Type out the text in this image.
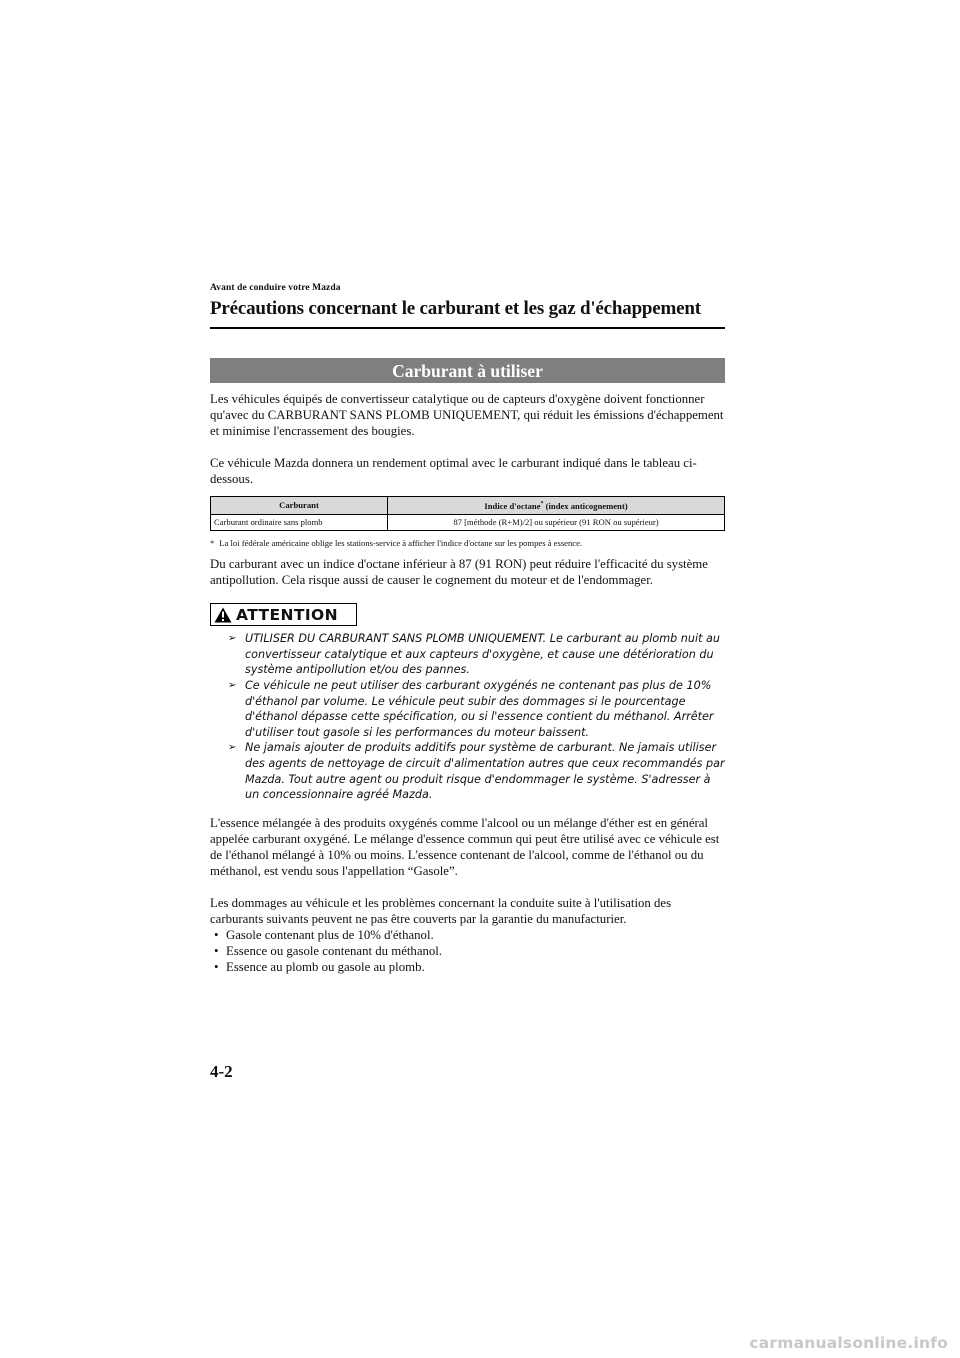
Avant de conduire votre Mazda
Précautions concernant le carburant et les gaz d'échappement
Carburant à utiliser

Les véhicules équipés de convertisseur catalytique ou de capteurs d'oxygène doivent fonctionner qu'avec du CARBURANT SANS PLOMB UNIQUEMENT, qui réduit les émissions d'échappement et minimise l'encrassement des bougies.

Ce véhicule Mazda donnera un rendement optimal avec le carburant indiqué dans le tableau ci-dessous.

Carburant	Indice d'octane* (index anticognement)
Carburant ordinaire sans plomb	87 [méthode (R+M)/2] ou supérieur (91 RON ou supérieur)
* La loi fédérale américaine oblige les stations-service à afficher l'indice d'octane sur les pompes à essence.

Du carburant avec un indice d'octane inférieur à 87 (91 RON) peut réduire l'efficacité du système antipollution. Cela risque aussi de causer le cognement du moteur et de l'endommager.

ATTENTION
➢ UTILISER DU CARBURANT SANS PLOMB UNIQUEMENT. Le carburant au plomb nuit au convertisseur catalytique et aux capteurs d'oxygène, et cause une détérioration du système antipollution et/ou des pannes.
➢ Ce véhicule ne peut utiliser des carburant oxygénés ne contenant pas plus de 10% d'éthanol par volume. Le véhicule peut subir des dommages si le pourcentage d'éthanol dépasse cette spécification, ou si l'essence contient du méthanol. Arrêter d'utiliser tout gasole si les performances du moteur baissent.
➢ Ne jamais ajouter de produits additifs pour système de carburant. Ne jamais utiliser des agents de nettoyage de circuit d'alimentation autres que ceux recommandés par Mazda. Tout autre agent ou produit risque d'endommager le système. S'adresser à un concessionnaire agréé Mazda.

L'essence mélangée à des produits oxygénés comme l'alcool ou un mélange d'éther est en général appelée carburant oxygéné. Le mélange d'essence commun qui peut être utilisé avec ce véhicule est de l'éthanol mélangé à 10% ou moins. L'essence contenant de l'alcool, comme de l'éthanol ou du méthanol, est vendu sous l'appellation “Gasole”.

Les dommages au véhicule et les problèmes concernant la conduite suite à l'utilisation des carburants suivants peuvent ne pas être couverts par la garantie du manufacturier.

• Gasole contenant plus de 10% d'éthanol.
• Essence ou gasole contenant du méthanol.
• Essence au plomb ou gasole au plomb.
4-2
carmanualsonline.info
